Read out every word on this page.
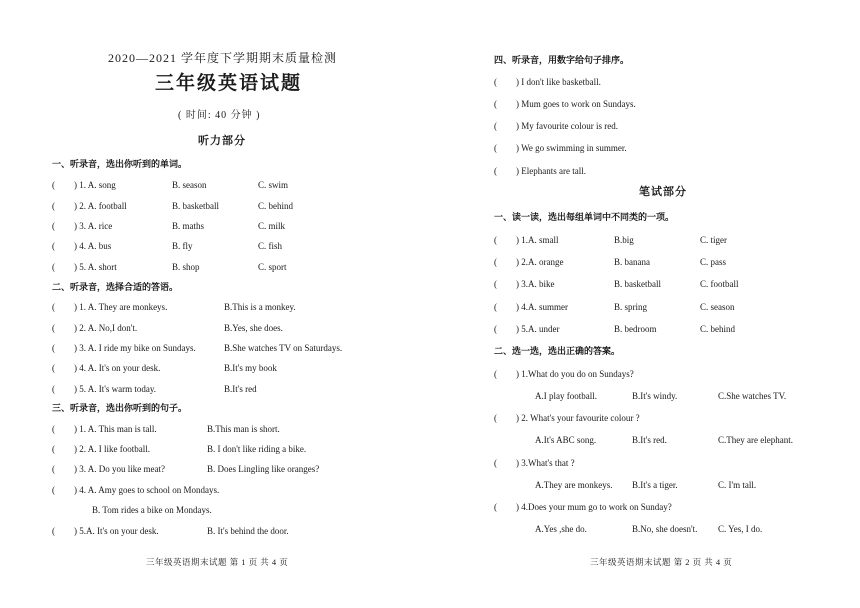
2020—2021 学年度下学期期末质量检测
三年级英语试题
( 时间: 40 分钟 )
听力部分
一、听录音，选出你听到的单词。
( ) 1. A. song	B. season	C. swim
( ) 2. A. football	B. basketball	C. behind
( ) 3. A. rice	B. maths	C. milk
( ) 4. A. bus	B. fly	C. fish
( ) 5. A. short	B. shop	C. sport
二、听录音，选择合适的答语。
( ) 1. A. They are monkeys.	B.This is a monkey.
( ) 2. A. No,I don't.	B.Yes, she does.
( ) 3. A. I ride my bike on Sundays.	B.She watches TV on Saturdays.
( ) 4. A. It's on your desk.	B.It's my book
( ) 5. A. It's warm today.	B.It's red
三、听录音，选出你听到的句子。
( ) 1. A. This man is tall.	B.This man is short.
( ) 2. A. I like football.	B. I don't like riding a bike.
( ) 3. A. Do you like meat?	B. Does Lingling like oranges?
( ) 4. A. Amy goes to school on Mondays.
B. Tom rides a bike on Mondays.
( ) 5.A. It's on your desk.	B. It's behind the door.
三年级英语期末试题 第 1 页 共 4 页
四、听录音，用数字给句子排序。
( ) I don't like basketball.
( ) Mum goes to work on Sundays.
( ) My favourite colour is red.
( ) We go swimming in summer.
( ) Elephants are tall.
笔试部分
一、读一读，选出每组单词中不同类的一项。
( ) 1.A. small	B.big	C. tiger
( ) 2.A. orange	B. banana	C. pass
( ) 3.A. bike	B. basketball	C. football
( ) 4.A. summer	B. spring	C. season
( ) 5.A. under	B. bedroom	C. behind
二、选一选，选出正确的答案。
( ) 1.What do you do on Sundays?
A.I play football.	B.It's windy.	C.She watches TV.
( ) 2. What's your favourite colour ?
A.It's ABC song.	B.It's red.	C.They are elephant.
( ) 3.What's that ?
A.They are monkeys. B.It's a tiger.	C. I'm tall.
( ) 4.Does your mum go to work on Sunday?
A.Yes ,she do.	B.No, she doesn't. C. Yes, I do.
三年级英语期末试题 第 2 页 共 4 页
